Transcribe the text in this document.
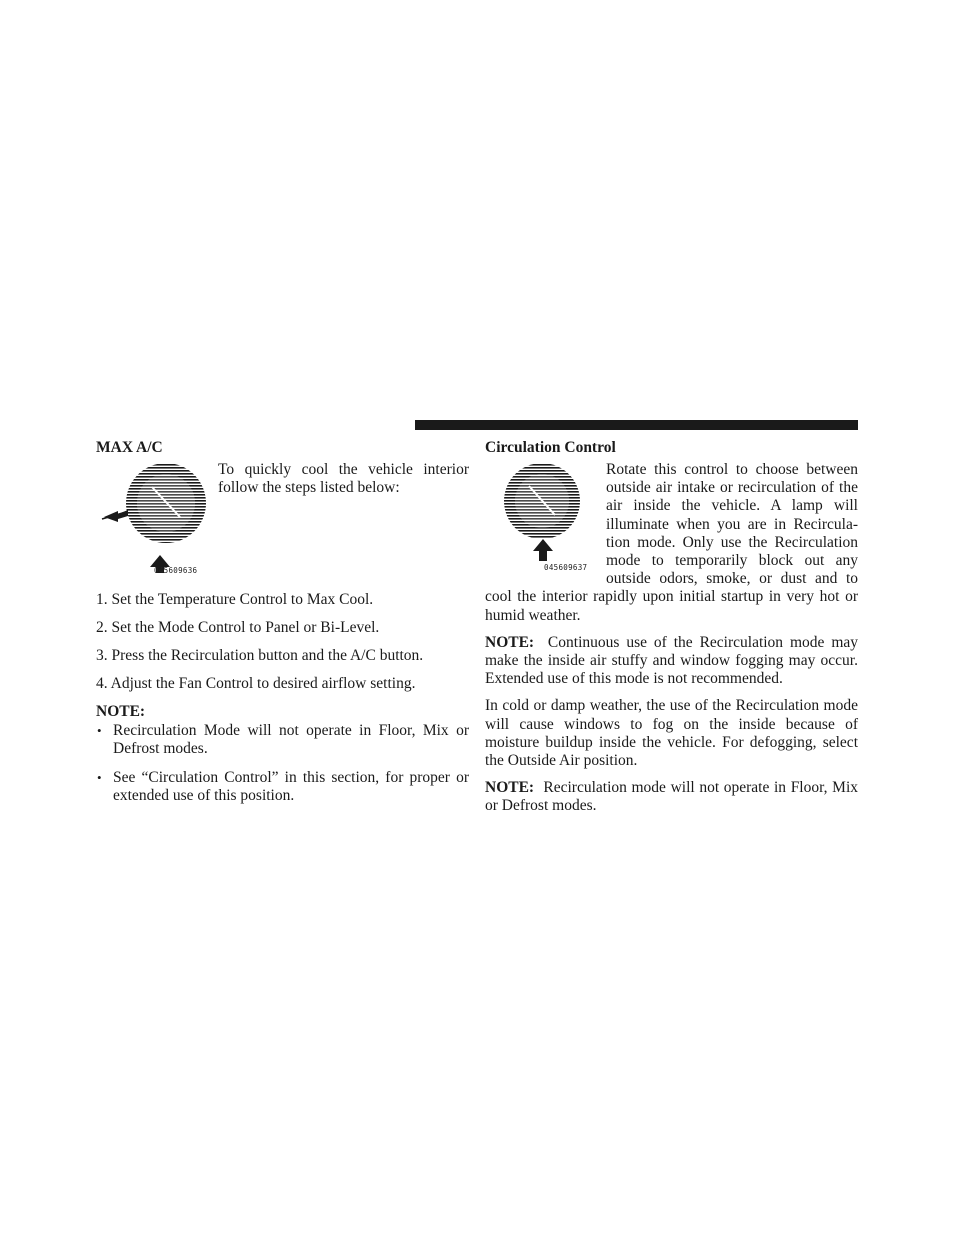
MAX A/C
045609636

To quickly cool the vehicle interior follow the steps listed below:

1. Set the Temperature Control to Max Cool.
2. Set the Mode Control to Panel or Bi-Level.
3. Press the Recirculation button and the A/C button.
4. Adjust the Fan Control to desired airflow setting.
NOTE:
• Recirculation Mode will not operate in Floor, Mix or Defrost modes.
• See “Circulation Control” in this section, for proper or extended use of this position.
Circulation Control
045609637

Rotate this control to choose between outside air intake or recirculation of the air inside the vehicle. A lamp will illuminate when you are in Recircula-tion mode. Only use the Recirculation mode to temporarily block out any outside odors, smoke, or dust and to cool the interior rapidly upon initial startup in very hot or humid weather.

NOTE: Continuous use of the Recirculation mode may make the inside air stuffy and window fogging may occur. Extended use of this mode is not recommended.

In cold or damp weather, the use of the Recirculation mode will cause windows to fog on the inside because of moisture buildup inside the vehicle. For defogging, select the Outside Air position.

NOTE: Recirculation mode will not operate in Floor, Mix or Defrost modes.
